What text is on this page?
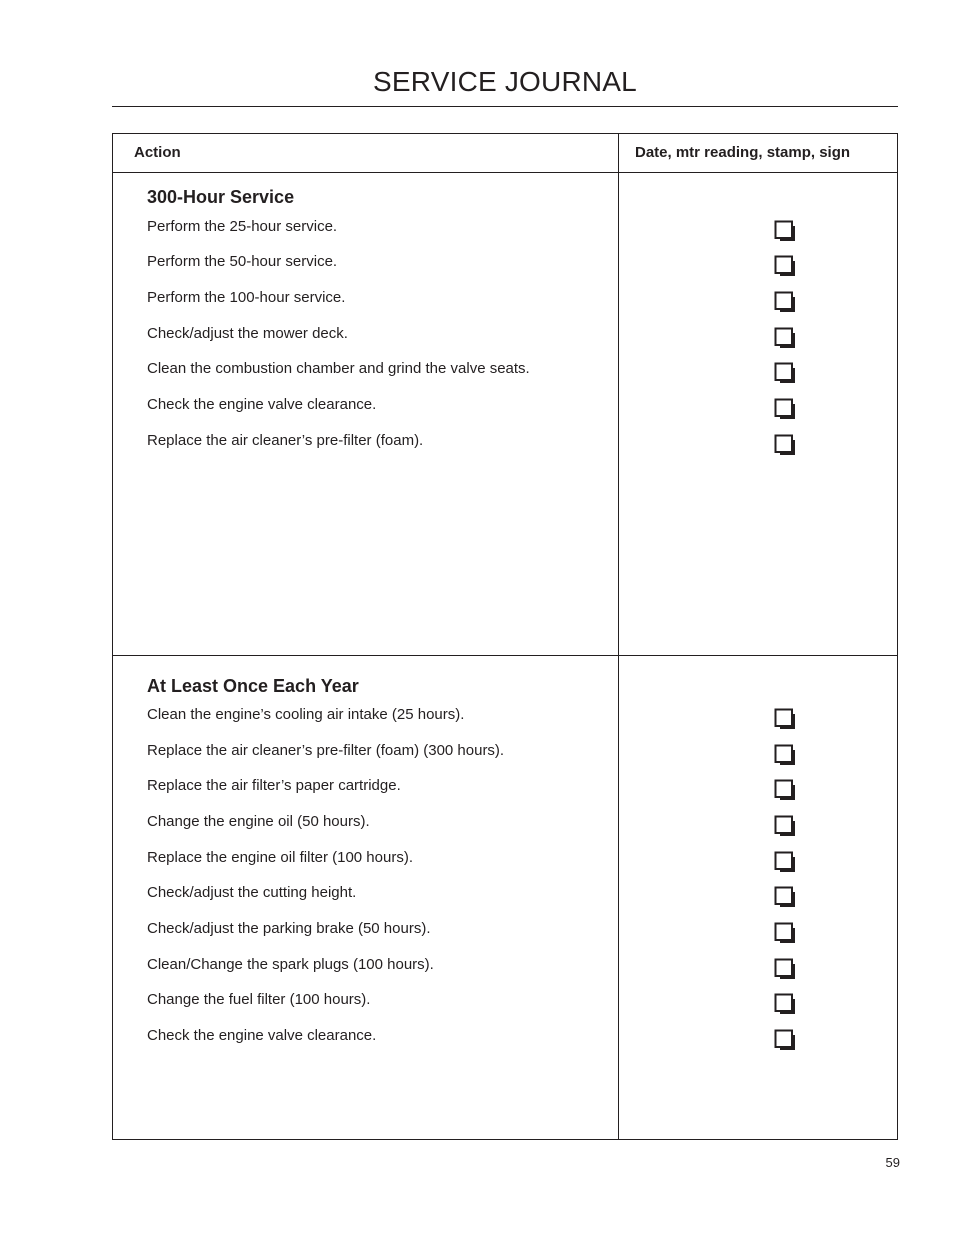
SERVICE JOURNAL
Action	Date, mtr reading, stamp, sign
300-Hour Service
Perform the 25-hour service.
Perform the 50-hour service.
Perform the 100-hour service.
Check/adjust the mower deck.
Clean the combustion chamber and grind the valve seats.
Check the engine valve clearance.
Replace the air cleaner’s pre-filter (foam).
At Least Once Each Year
Clean the engine’s cooling air intake (25 hours).
Replace the air cleaner’s pre-filter (foam) (300 hours).
Replace the air filter’s paper cartridge.
Change the engine oil (50 hours).
Replace the engine oil filter (100 hours).
Check/adjust the cutting height.
Check/adjust the parking brake (50 hours).
Clean/Change the spark plugs (100 hours).
Change the fuel filter (100 hours).
Check the engine valve clearance.
59
